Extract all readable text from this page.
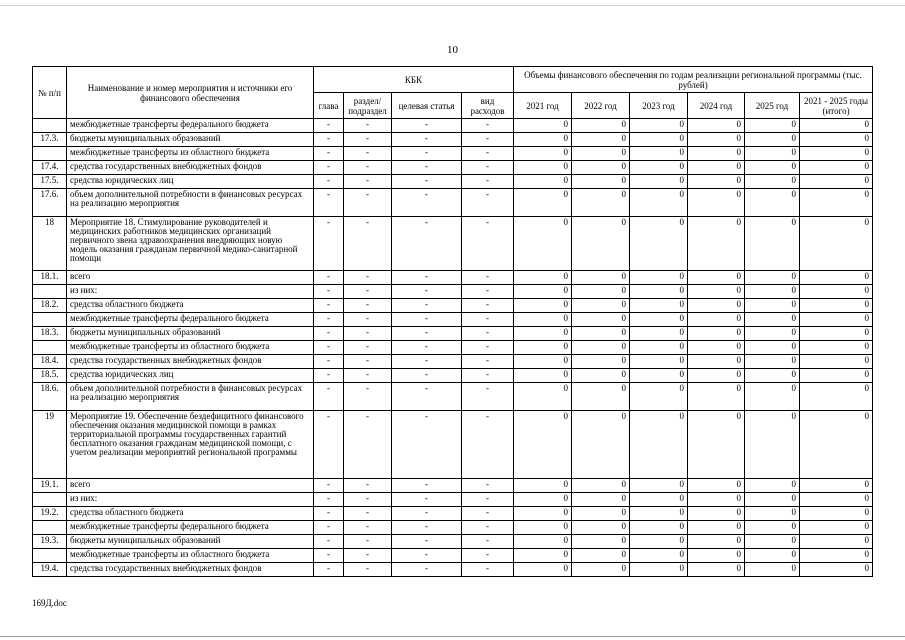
10
№ п/п	Наименование и номер мероприятия и источники его финансового обеспечения	КБК				Объемы финансового обеспечения по годам реализации региональной программы (тыс. рублей)					
		глава	раздел/ подраздел	целевая статья	вид расходов	2021 год	2022 год	2023 год	2024 год	2025 год	2021 - 2025 годы (итого)
	межбюджетные трансферты федерального бюджета	-	-	-	-	0	0	0	0	0	0
17.3.	бюджеты муниципальных образований	-	-	-	-	0	0	0	0	0	0
	межбюджетные трансферты из областного бюджета	-	-	-	-	0	0	0	0	0	0
17.4.	средства государственных внебюджетных фондов	-	-	-	-	0	0	0	0	0	0
17.5.	средства юридических лиц	-	-	-	-	0	0	0	0	0	0
17.6.	объем дополнительной потребности в финансовых ресурсах на реализацию мероприятия	-	-	-	-	0	0	0	0	0	0
18	Мероприятие 18. Стимулирование руководителей и медицинских работников медицинских организаций первичного звена здравоохранения внедряющих новую модель оказания гражданам первичной медико-санитарной помощи	-	-	-	-	0	0	0	0	0	0
18.1.	всего	-	-	-	-	0	0	0	0	0	0
	из них:	-	-	-	-	0	0	0	0	0	0
18.2.	средства областного бюджета	-	-	-	-	0	0	0	0	0	0
	межбюджетные трансферты федерального бюджета	-	-	-	-	0	0	0	0	0	0
18.3.	бюджеты муниципальных образований	-	-	-	-	0	0	0	0	0	0
	межбюджетные трансферты из областного бюджета	-	-	-	-	0	0	0	0	0	0
18.4.	средства государственных внебюджетных фондов	-	-	-	-	0	0	0	0	0	0
18.5.	средства юридических лиц	-	-	-	-	0	0	0	0	0	0
18.6.	объем дополнительной потребности в финансовых ресурсах на реализацию мероприятия	-	-	-	-	0	0	0	0	0	0
19	Мероприятие 19. Обеспечение бездефицитного финансового обеспечения оказания медицинской помощи в рамках территориальной программы государственных гарантий бесплатного оказания гражданам медицинской помощи, с учетом реализации мероприятий региональной программы	-	-	-	-	0	0	0	0	0	0
19.1.	всего	-	-	-	-	0	0	0	0	0	0
	из них:	-	-	-	-	0	0	0	0	0	0
19.2.	средства областного бюджета	-	-	-	-	0	0	0	0	0	0
	межбюджетные трансферты федерального бюджета	-	-	-	-	0	0	0	0	0	0
19.3.	бюджеты муниципальных образований	-	-	-	-	0	0	0	0	0	0
	межбюджетные трансферты из областного бюджета	-	-	-	-	0	0	0	0	0	0
19.4.	средства государственных внебюджетных фондов	-	-	-	-	0	0	0	0	0	0
169Д.doc
